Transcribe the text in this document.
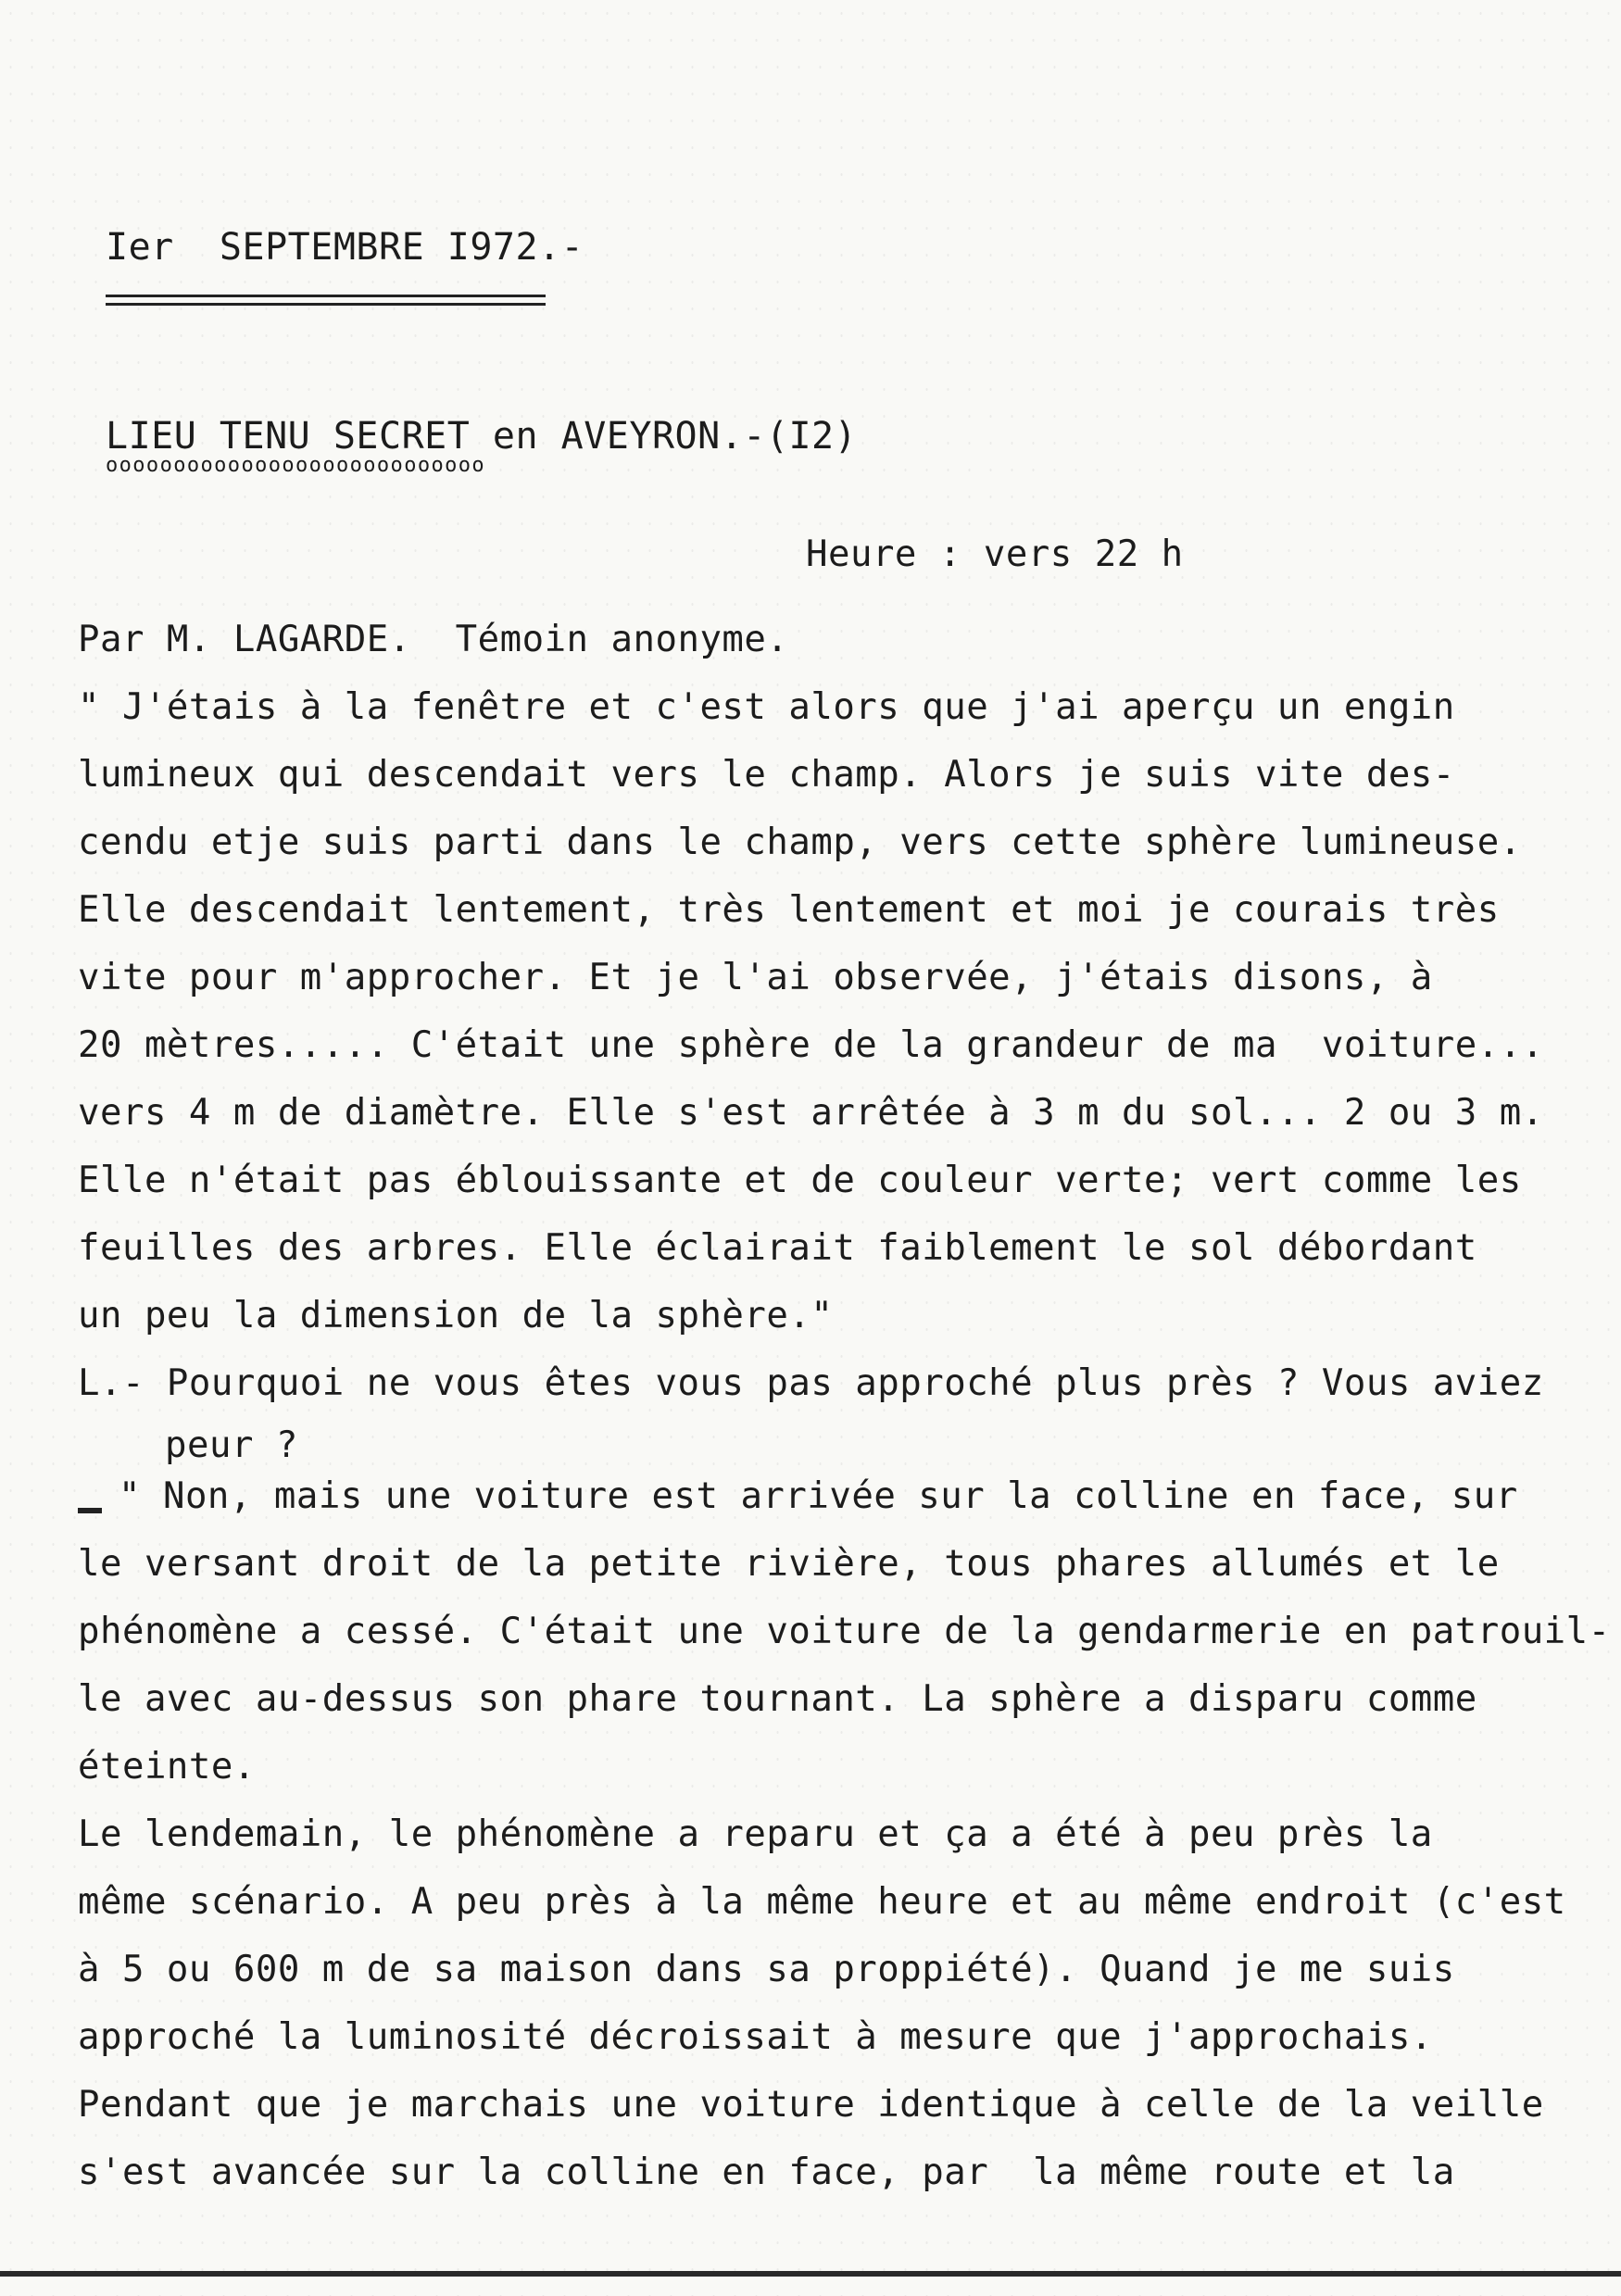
Ier  SEPTEMBRE I972.-
LIEU TENU SECRET en AVEYRON.-(I2)
oooooooooooooooooooooooooooo
Heure : vers 22 h
Par M. LAGARDE.  Témoin anonyme.
" J'étais à la fenêtre et c'est alors que j'ai aperçu un engin
lumineux qui descendait vers le champ. Alors je suis vite des-
cendu etje suis parti dans le champ, vers cette sphère lumineuse.
Elle descendait lentement, très lentement et moi je courais très
vite pour m'approcher. Et je l'ai observée, j'étais disons, à
20 mètres..... C'était une sphère de la grandeur de ma  voiture...
vers 4 m de diamètre. Elle s'est arrêtée à 3 m du sol... 2 ou 3 m.
Elle n'était pas éblouissante et de couleur verte; vert comme les
feuilles des arbres. Elle éclairait faiblement le sol débordant
un peu la dimension de la sphère."
L.- Pourquoi ne vous êtes vous pas approché plus près ? Vous aviez
peur ?
" Non, mais une voiture est arrivée sur la colline en face, sur
le versant droit de la petite rivière, tous phares allumés et le
phénomène a cessé. C'était une voiture de la gendarmerie en patrouil-
le avec au-dessus son phare tournant. La sphère a disparu comme
éteinte.
Le lendemain, le phénomène a reparu et ça a été à peu près la
même scénario. A peu près à la même heure et au même endroit (c'est
à 5 ou 600 m de sa maison dans sa proppiété). Quand je me suis
approché la luminosité décroissait à mesure que j'approchais.
Pendant que je marchais une voiture identique à celle de la veille
s'est avancée sur la colline en face, par  la même route et la
